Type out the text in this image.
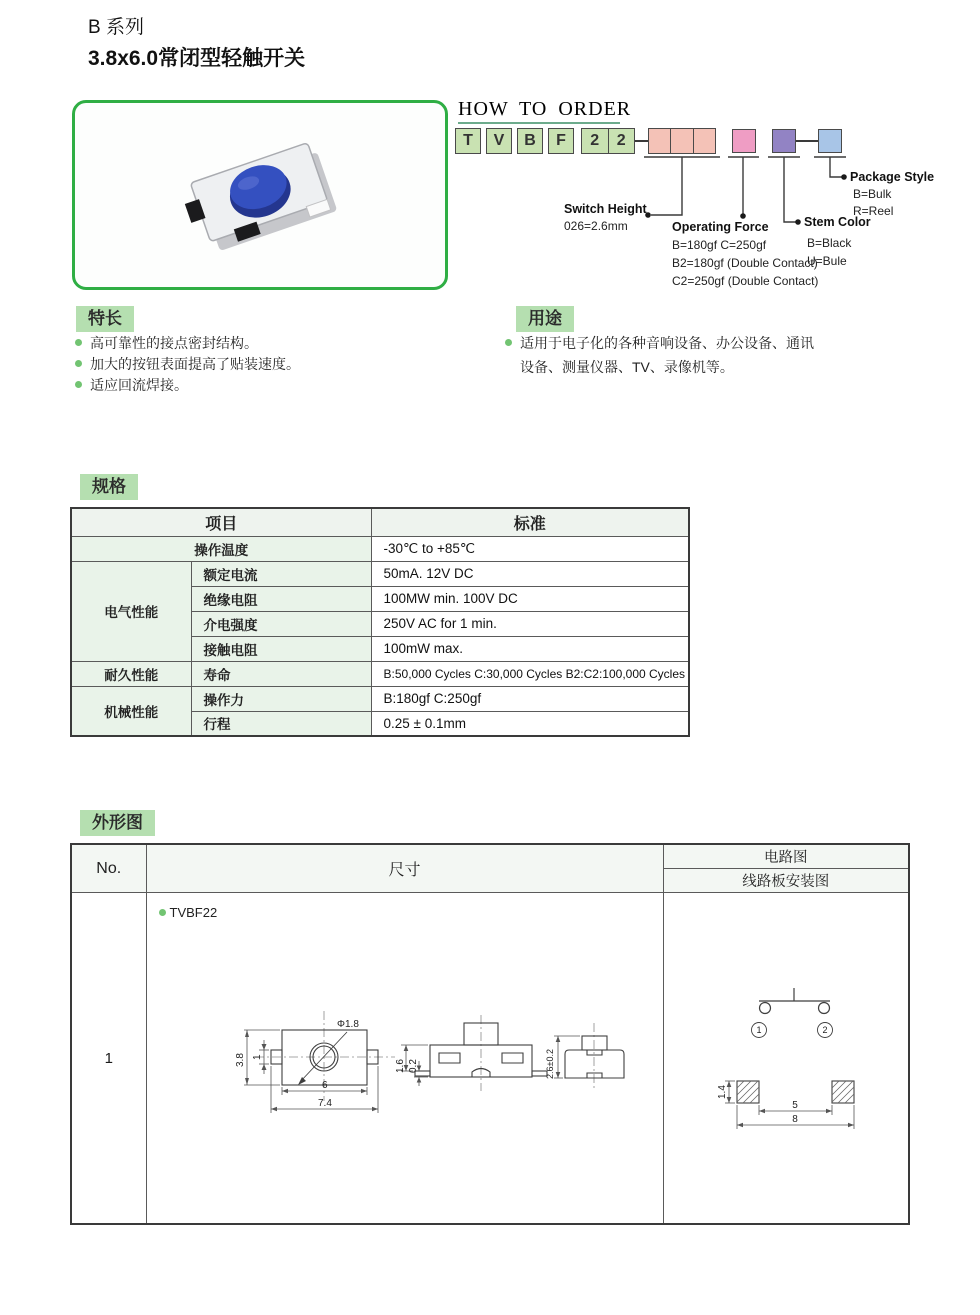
B 系列
3.8x6.0常闭型轻触开关
HOW TO ORDER
T	V	B	F	2	2
Switch Height
026=2.6mm	Operating Force
B=180gf C=250gf
B2=180gf (Double Contact)
C2=250gf (Double Contact)
Stem Color
B=Black
U=Bule
Package Style
B=Bulk
R=Reel
特长
高可靠性的接点密封结构。
加大的按钮表面提高了贴装速度。
适应回流焊接。
用途
适用于电子化的各种音响设备、办公设备、通讯
设备、测量仪器、TV、录像机等。
规格
项目		标准
操作温度		-30℃ to +85℃
电气性能	额定电流	50mA. 12V DC
	绝缘电阻	100MW min. 100V DC
	介电强度	250V AC for 1 min.
	接触电阻	100mW max.
耐久性能	寿命	B:50,000 Cycles C:30,000 Cycles B2:C2:100,000 Cycles
机械性能	操作力	B:180gf C:250gf
	行程	0.25 ± 0.1mm
外形图
No.	尺寸	电路图
		线路板安装图
1	
TVBF22
Φ1.8
3.8 1
6
7.4
1.6 0.2	2.6±0.2

1	2
1.4
5
8
